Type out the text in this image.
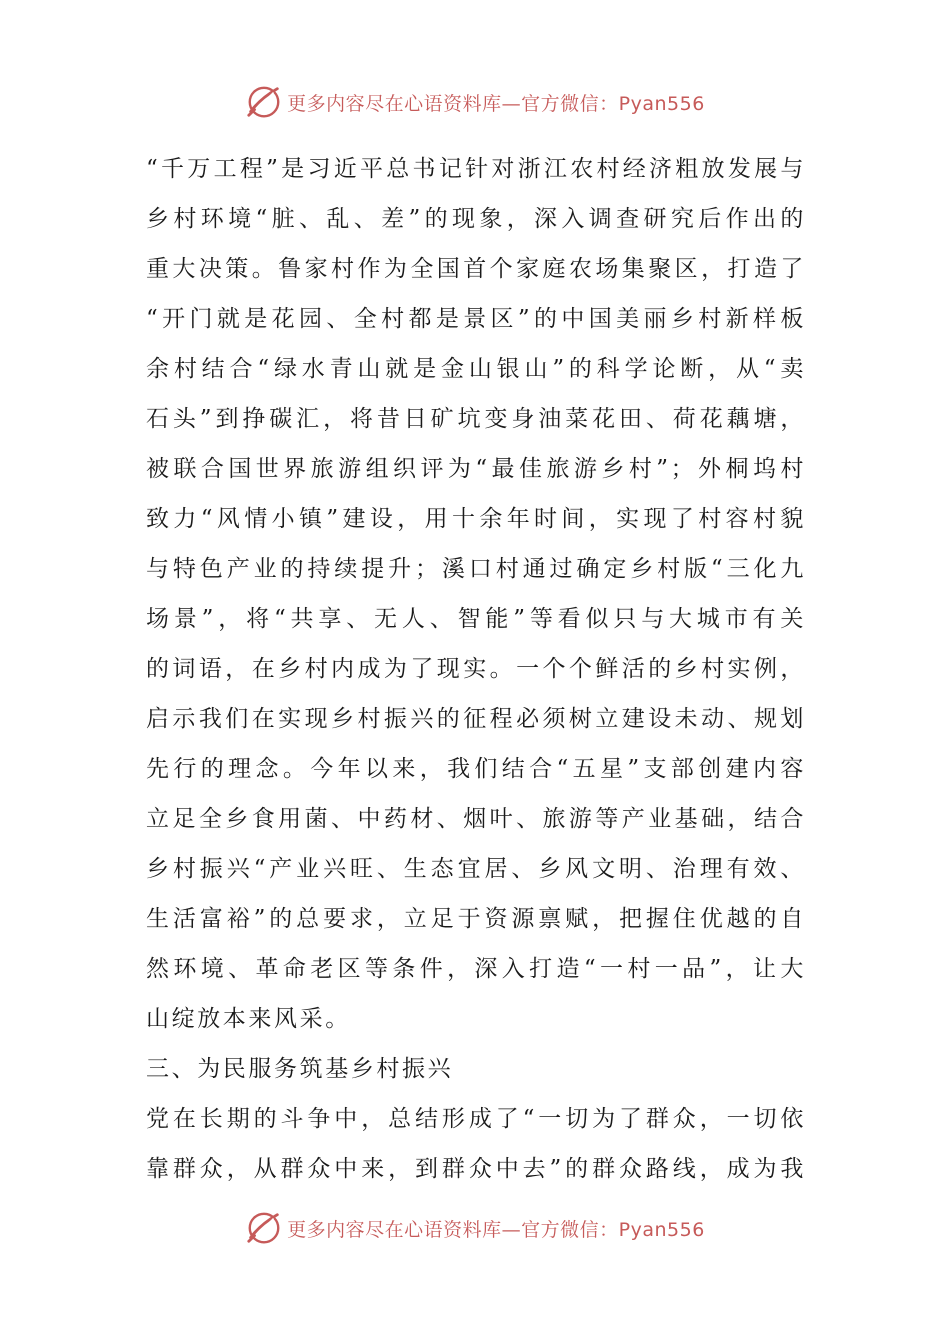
更多内容尽在心语资料库—官方微信：Pyan556
“千万工程”是习近平总书记针对浙江农村经济粗放发展与
乡村环境“脏、乱、差”的现象，深入调查研究后作出的
重大决策。鲁家村作为全国首个家庭农场集聚区，打造了
“开门就是花园、全村都是景区”的中国美丽乡村新样板
余村结合“绿水青山就是金山银山”的科学论断，从“卖
石头”到挣碳汇，将昔日矿坑变身油菜花田、荷花藕塘，
被联合国世界旅游组织评为“最佳旅游乡村”；外桐坞村
致力“风情小镇”建设，用十余年时间，实现了村容村貌
与特色产业的持续提升；溪口村通过确定乡村版“三化九
场景”，将“共享、无人、智能”等看似只与大城市有关
的词语，在乡村内成为了现实。一个个鲜活的乡村实例，
启示我们在实现乡村振兴的征程必须树立建设未动、规划
先行的理念。今年以来，我们结合“五星”支部创建内容
立足全乡食用菌、中药材、烟叶、旅游等产业基础，结合
乡村振兴“产业兴旺、生态宜居、乡风文明、治理有效、
生活富裕”的总要求，立足于资源禀赋，把握住优越的自
然环境、革命老区等条件，深入打造“一村一品”，让大
山绽放本来风采。
三、为民服务筑基乡村振兴
党在长期的斗争中，总结形成了“一切为了群众，一切依
靠群众，从群众中来，到群众中去”的群众路线，成为我
更多内容尽在心语资料库—官方微信：Pyan556
